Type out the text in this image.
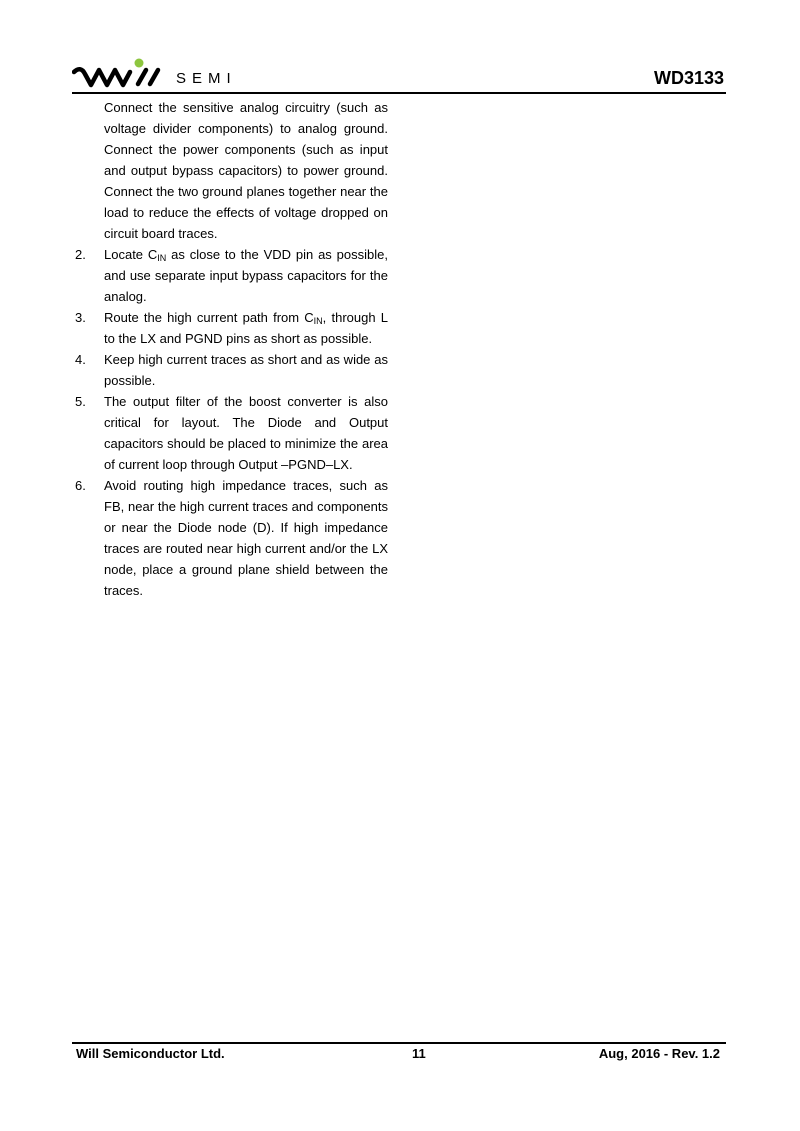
SEMI	WD3133

Connect the sensitive analog circuitry (such as voltage divider components) to analog ground. Connect the power components (such as input and output bypass capacitors) to power ground. Connect the two ground planes together near the load to reduce the effects of voltage dropped on circuit board traces.

2.	Locate $C_{IN}$ as close to the VDD pin as possible, and use separate input bypass capacitors for the analog.
3.	Route the high current path from $C_{IN}$, through L to the LX and PGND pins as short as possible.
4.	Keep high current traces as short and as wide as possible.
5.	The output filter of the boost converter is also critical for layout. The Diode and Output capacitors should be placed to minimize the area of current loop through Output –PGND–LX.
6.	Avoid routing high impedance traces, such as FB, near the high current traces and components or near the Diode node (D). If high impedance traces are routed near high current and/or the LX node, place a ground plane shield between the traces.
Will Semiconductor Ltd.	11	Aug, 2016 - Rev. 1.2
